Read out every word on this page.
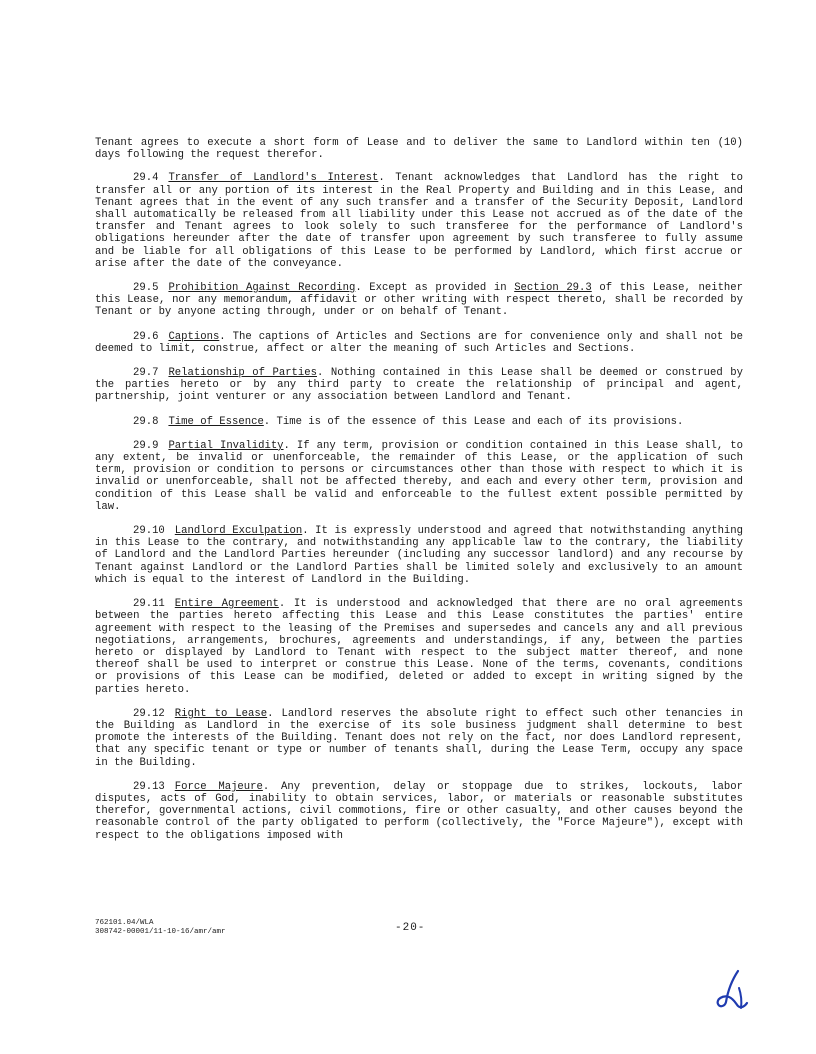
Tenant agrees to execute a short form of Lease and to deliver the same to Landlord within ten (10) days following the request therefor.

29.4 Transfer of Landlord's Interest. Tenant acknowledges that Landlord has the right to transfer all or any portion of its interest in the Real Property and Building and in this Lease, and Tenant agrees that in the event of any such transfer and a transfer of the Security Deposit, Landlord shall automatically be released from all liability under this Lease not accrued as of the date of the transfer and Tenant agrees to look solely to such transferee for the performance of Landlord's obligations hereunder after the date of transfer upon agreement by such transferee to fully assume and be liable for all obligations of this Lease to be performed by Landlord, which first accrue or arise after the date of the conveyance.

29.5 Prohibition Against Recording. Except as provided in Section 29.3 of this Lease, neither this Lease, nor any memorandum, affidavit or other writing with respect thereto, shall be recorded by Tenant or by anyone acting through, under or on behalf of Tenant.

29.6 Captions. The captions of Articles and Sections are for convenience only and shall not be deemed to limit, construe, affect or alter the meaning of such Articles and Sections.

29.7 Relationship of Parties. Nothing contained in this Lease shall be deemed or construed by the parties hereto or by any third party to create the relationship of principal and agent, partnership, joint venturer or any association between Landlord and Tenant.

29.8 Time of Essence. Time is of the essence of this Lease and each of its provisions.

29.9 Partial Invalidity. If any term, provision or condition contained in this Lease shall, to any extent, be invalid or unenforceable, the remainder of this Lease, or the application of such term, provision or condition to persons or circumstances other than those with respect to which it is invalid or unenforceable, shall not be affected thereby, and each and every other term, provision and condition of this Lease shall be valid and enforceable to the fullest extent possible permitted by law.

29.10 Landlord Exculpation. It is expressly understood and agreed that notwithstanding anything in this Lease to the contrary, and notwithstanding any applicable law to the contrary, the liability of Landlord and the Landlord Parties hereunder (including any successor landlord) and any recourse by Tenant against Landlord or the Landlord Parties shall be limited solely and exclusively to an amount which is equal to the interest of Landlord in the Building.

29.11 Entire Agreement. It is understood and acknowledged that there are no oral agreements between the parties hereto affecting this Lease and this Lease constitutes the parties' entire agreement with respect to the leasing of the Premises and supersedes and cancels any and all previous negotiations, arrangements, brochures, agreements and understandings, if any, between the parties hereto or displayed by Landlord to Tenant with respect to the subject matter thereof, and none thereof shall be used to interpret or construe this Lease. None of the terms, covenants, conditions or provisions of this Lease can be modified, deleted or added to except in writing signed by the parties hereto.

29.12 Right to Lease. Landlord reserves the absolute right to effect such other tenancies in the Building as Landlord in the exercise of its sole business judgment shall determine to best promote the interests of the Building. Tenant does not rely on the fact, nor does Landlord represent, that any specific tenant or type or number of tenants shall, during the Lease Term, occupy any space in the Building.

29.13 Force Majeure. Any prevention, delay or stoppage due to strikes, lockouts, labor disputes, acts of God, inability to obtain services, labor, or materials or reasonable substitutes therefor, governmental actions, civil commotions, fire or other casualty, and other causes beyond the reasonable control of the party obligated to perform (collectively, the "Force Majeure"), except with respect to the obligations imposed with

762101.04/WLA
308742-00001/11-10-16/amr/amr	-20-
